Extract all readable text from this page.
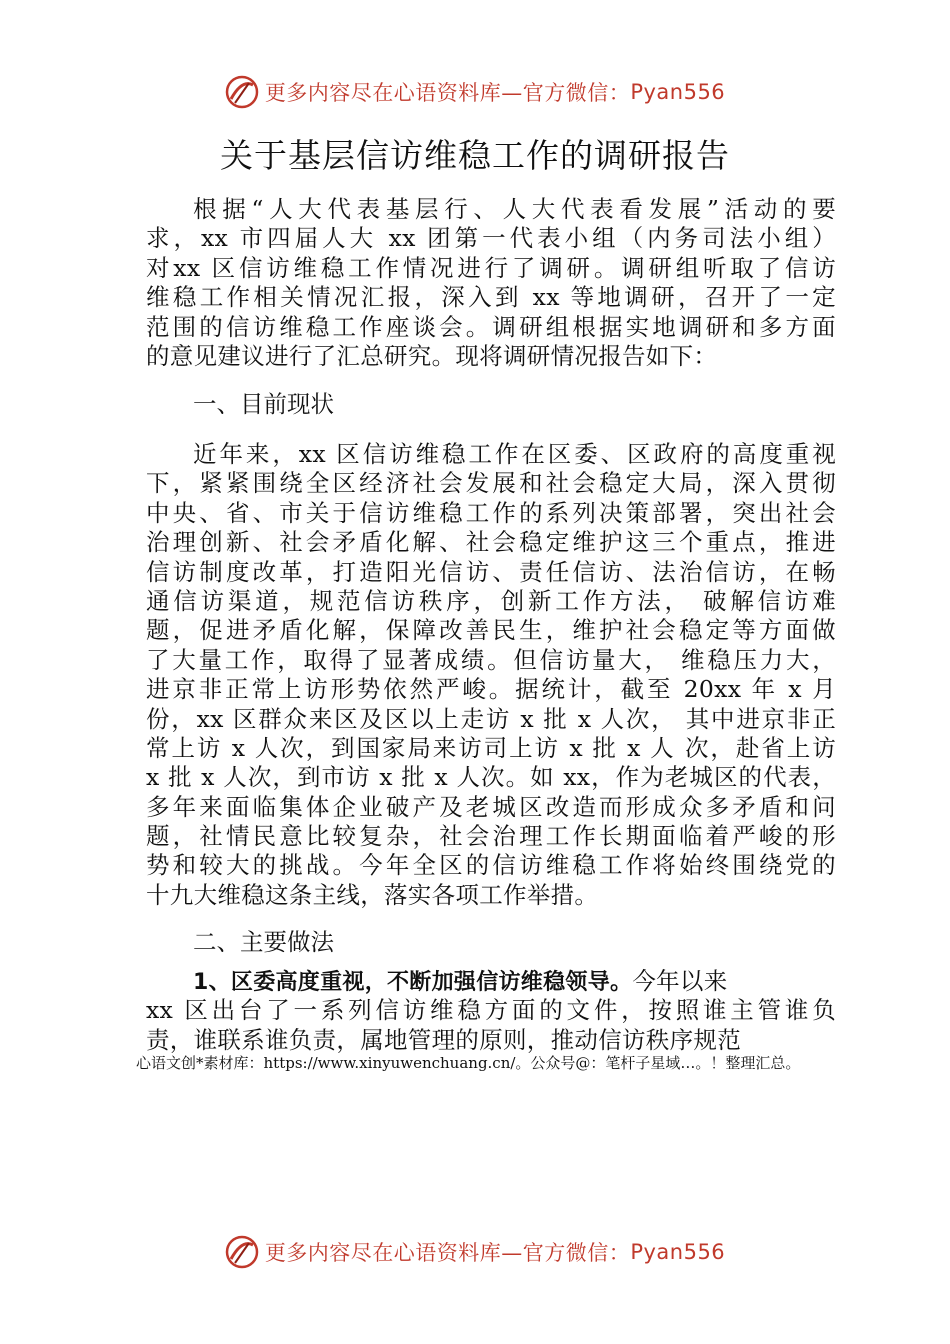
更多内容尽在心语资料库—官方微信： Pyan556
关于基层信访维稳工作的调研报告
根据“人大代表基层行、人大代表看发展”活动的要
求，xx 市四届人大 xx 团第一代表小组（内务司法小组）
对xx 区信访维稳工作情况进行了调研。调研组听取了信访
维稳工作相关情况汇报，深入到 xx 等地调研，召开了一定
范围的信访维稳工作座谈会。调研组根据实地调研和多方面
的意见建议进行了汇总研究。现将调研情况报告如下：
一、目前现状
近年来，xx 区信访维稳工作在区委、区政府的高度重视
下，紧紧围绕全区经济社会发展和社会稳定大局，深入贯彻
中央、省、市关于信访维稳工作的系列决策部署，突出社会
治理创新、社会矛盾化解、社会稳定维护这三个重点，推进
信访制度改革，打造阳光信访、责任信访、法治信访，在畅
通信访渠道，规范信访秩序，创新工作方法， 破解信访难
题，促进矛盾化解，保障改善民生，维护社会稳定等方面做
了大量工作，取得了显著成绩。但信访量大， 维稳压力大，
进京非正常上访形势依然严峻。据统计，截至 20xx 年 x 月
份，xx 区群众来区及区以上走访 x 批 x 人次， 其中进京非正
常上访 x 人次，到国家局来访司上访 x 批 x 人 次，赴省上访
x 批 x 人次，到市访 x 批 x 人次。如 xx，作为老城区的代表，
多年来面临集体企业破产及老城区改造而形成众多矛盾和问
题，社情民意比较复杂，社会治理工作长期面临着严峻的形
势和较大的挑战。今年全区的信访维稳工作将始终围绕党的
十九大维稳这条主线，落实各项工作举措。
二、主要做法
1、区委高度重视，不断加强信访维稳领导。今年以来
xx 区出台了一系列信访维稳方面的文件，按照谁主管谁负
责，谁联系谁负责，属地管理的原则，推动信访秩序规范
心语文创*素材库：https://www.xinyuwenchuang.cn/。公众号@：笔杆子星域…。！整理汇总。
更多内容尽在心语资料库—官方微信： Pyan556
